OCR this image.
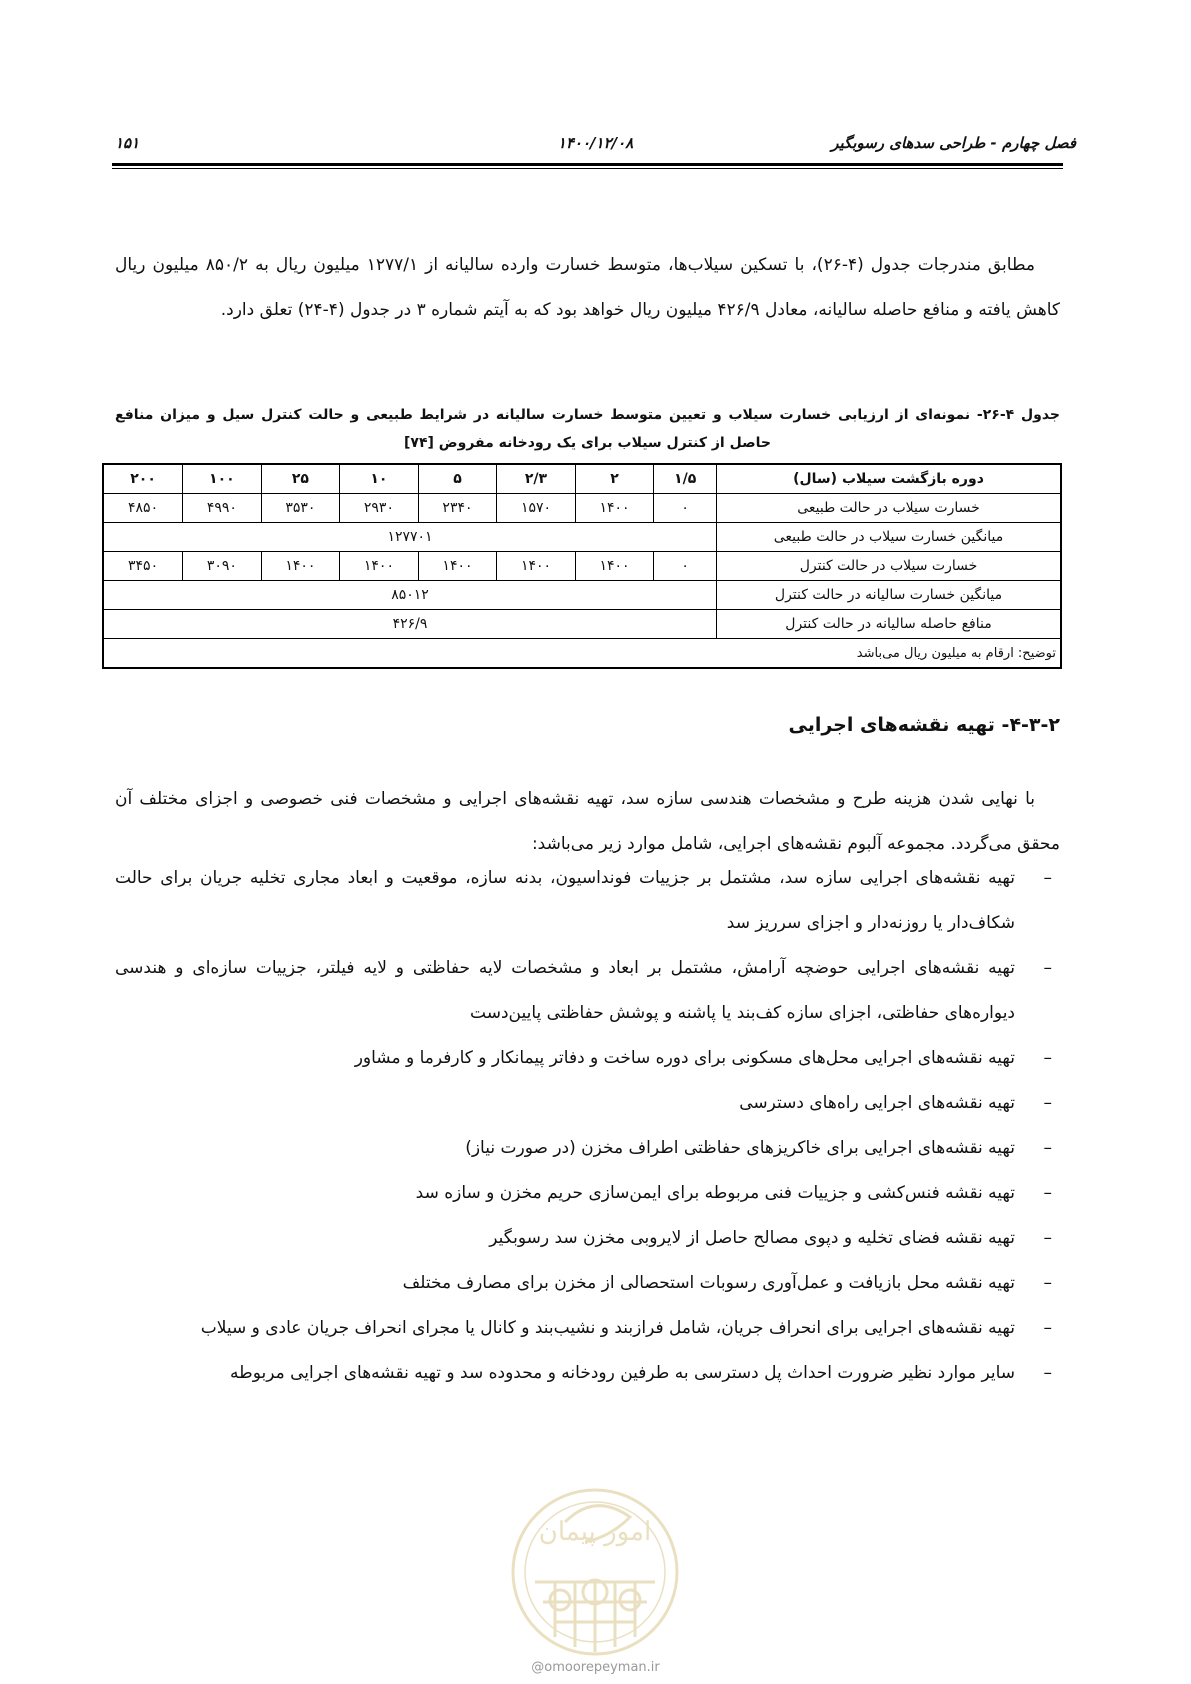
فصل چهارم - طراحی سدهای رسوبگیر
۱۴۰۰/۱۲/۰۸
۱۵۱

مطابق مندرجات جدول (۴-۲۶)، با تسکین سیلاب‌ها، متوسط خسارت وارده سالیانه از ۱۲۷۷/۱ میلیون ریال به ۸۵۰/۲ میلیون ریال کاهش یافته و منافع حاصله سالیانه، معادل ۴۲۶/۹ میلیون ریال خواهد بود که به آیتم شماره ۳ در جدول (۴-۲۴) تعلق دارد.

جدول ۴-۲۶- نمونه‌ای از ارزیابی خسارت سیلاب و تعیین متوسط خسارت سالیانه در شرایط طبیعی و حالت کنترل سیل و میزان منافع
حاصل از کنترل سیلاب برای یک رودخانه مفروض [۷۴]
دوره بازگشت سیلاب (سال)	۱/۵	۲	۲/۳	۵	۱۰	۲۵	۱۰۰	۲۰۰
خسارت سیلاب در حالت طبیعی	۰	۱۴۰۰	۱۵۷۰	۲۳۴۰	۲۹۳۰	۳۵۳۰	۴۹۹۰	۴۸۵۰
میانگین خسارت سیلاب در حالت طبیعی	۱۲۷۷۰۱							
خسارت سیلاب در حالت کنترل	۰	۱۴۰۰	۱۴۰۰	۱۴۰۰	۱۴۰۰	۱۴۰۰	۳۰۹۰	۳۴۵۰
میانگین خسارت سالیانه در حالت کنترل	۸۵۰۱۲							
منافع حاصله سالیانه در حالت کنترل	۴۲۶/۹							
توضیح: ارقام به میلیون ریال می‌باشد								
۴-۳-۲- تهیه نقشه‌های اجرایی

با نهایی شدن هزینه طرح و مشخصات هندسی سازه سد، تهیه نقشه‌های اجرایی و مشخصات فنی خصوصی و اجزای مختلف آن محقق می‌گردد. مجموعه آلبوم نقشه‌های اجرایی، شامل موارد زیر می‌باشد:

–
تهیه نقشه‌های اجرایی سازه سد، مشتمل بر جزییات فونداسیون، بدنه سازه، موقعیت و ابعاد مجاری تخلیه جریان برای حالت شکاف‌دار یا روزنه‌دار و اجزای سرریز سد
–
تهیه نقشه‌های اجرایی حوضچه آرامش، مشتمل بر ابعاد و مشخصات لایه حفاظتی و لایه فیلتر، جزییات سازه‌ای و هندسی دیواره‌های حفاظتی، اجزای سازه کف‌بند یا پاشنه و پوشش حفاظتی پایین‌دست
–
تهیه نقشه‌های اجرایی محل‌های مسکونی برای دوره ساخت و دفاتر پیمانکار و کارفرما و مشاور
–
تهیه نقشه‌های اجرایی راه‌های دسترسی
–
تهیه نقشه‌های اجرایی برای خاکریزهای حفاظتی اطراف مخزن (در صورت نیاز)
–
تهیه نقشه فنس‌کشی و جزییات فنی مربوطه برای ایمن‌سازی حریم مخزن و سازه سد
–
تهیه نقشه فضای تخلیه و دپوی مصالح حاصل از لایروبی مخزن سد رسوبگیر
–
تهیه نقشه محل بازیافت و عمل‌آوری رسوبات استحصالی از مخزن برای مصارف مختلف
–
تهیه نقشه‌های اجرایی برای انحراف جریان، شامل فرازبند و نشیب‌بند و کانال یا مجرای انحراف جریان عادی و سیلاب
–
سایر موارد نظیر ضرورت احداث پل دسترسی به طرفین رودخانه و محدوده سد و تهیه نقشه‌های اجرایی مربوطه
امور پیمان
@omoorepeyman.ir
